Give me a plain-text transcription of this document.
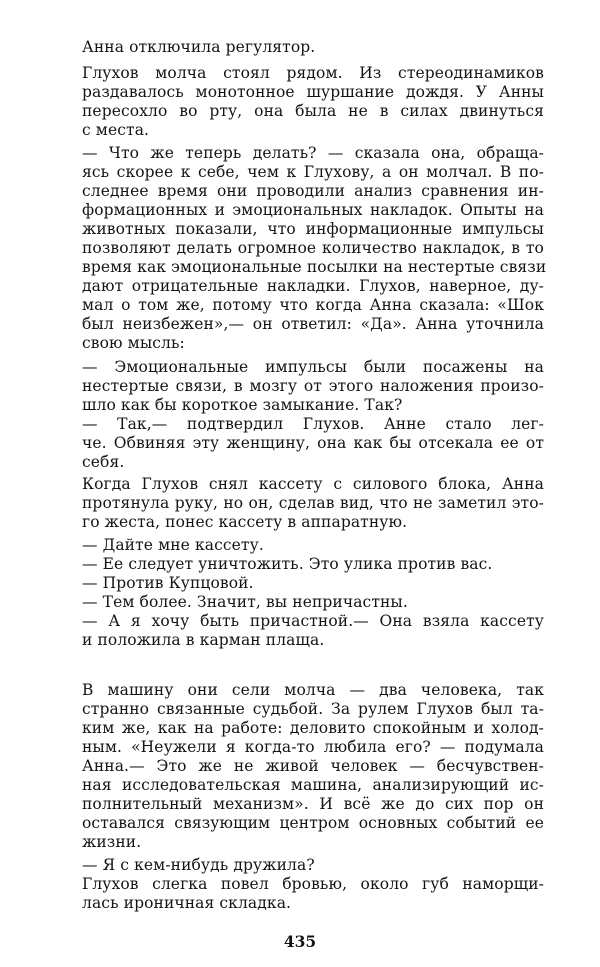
Анна отключила регулятор.
Глухов молча стоял рядом. Из стереодинамиков
раздавалось монотонное шуршание дождя. У Анны
пересохло во рту, она была не в силах двинуться
с места.
— Что же теперь делать? — сказала она, обраща-
ясь скорее к себе, чем к Глухову, а он молчал. В по-
следнее время они проводили анализ сравнения ин-
формационных и эмоциональных накладок. Опыты на
животных показали, что информационные импульсы
позволяют делать огромное количество накладок, в то
время как эмоциональные посылки на нестертые связи
дают отрицательные накладки. Глухов, наверное, ду-
мал о том же, потому что когда Анна сказала: «Шок
был неизбежен»,— он ответил: «Да». Анна уточнила
свою мысль:
— Эмоциональные импульсы были посажены на
нестертые связи, в мозгу от этого наложения произо-
шло как бы короткое замыкание. Так?
— Так,— подтвердил Глухов. Анне стало лег-
че. Обвиняя эту женщину, она как бы отсекала ее от
себя.
Когда Глухов снял кассету с силового блока, Анна
протянула руку, но он, сделав вид, что не заметил это-
го жеста, понес кассету в аппаратную.
— Дайте мне кассету.
— Ее следует уничтожить. Это улика против вас.
— Против Купцовой.
— Тем более. Значит, вы непричастны.
— А я хочу быть причастной.— Она взяла кассету
и положила в карман плаща.
В машину они сели молча — два человека, так
странно связанные судьбой. За рулем Глухов был та-
ким же, как на работе: деловито спокойным и холод-
ным. «Неужели я когда-то любила его? — подумала
Анна.— Это же не живой человек — бесчувствен-
ная исследовательская машина, анализирующий ис-
полнительный механизм». И всё же до сих пор он
оставался связующим центром основных событий ее
жизни.
— Я с кем-нибудь дружила?
Глухов слегка повел бровью, около губ наморщи-
лась ироничная складка.
435
